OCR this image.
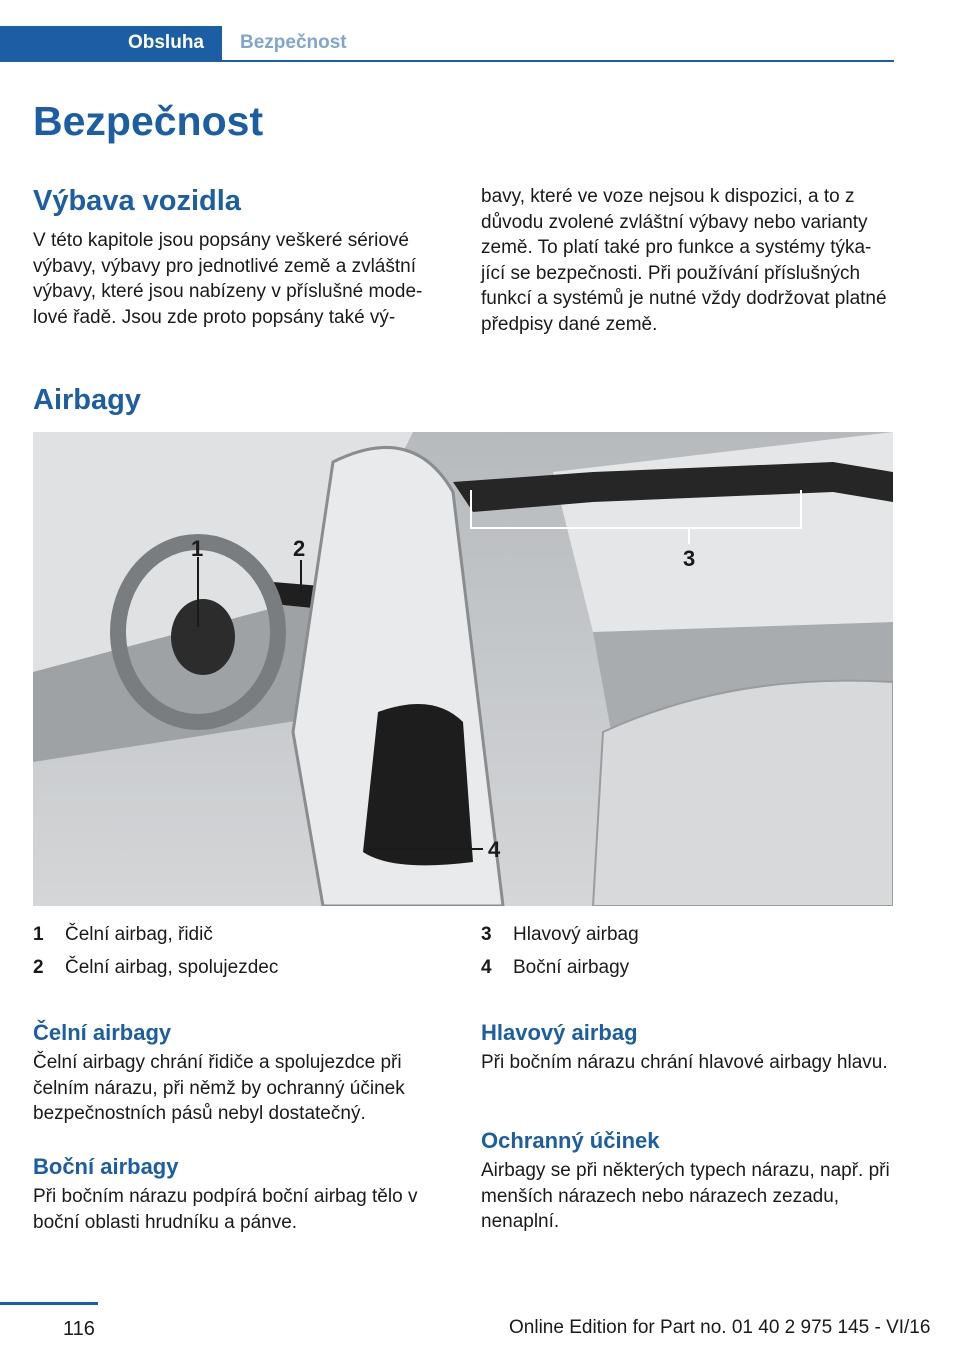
Obsluha	Bezpečnost
Bezpečnost
Výbava vozidla

V této kapitole jsou popsány veškeré sériové výbavy, výbavy pro jednotlivé země a zvláštní výbavy, které jsou nabízeny v příslušné mode‐lové řadě. Jsou zde proto popsány také vý‐

bavy, které ve voze nejsou k dispozici, a to z důvodu zvolené zvláštní výbavy nebo varianty země. To platí také pro funkce a systémy týka‐jící se bezpečnosti. Při používání příslušných funkcí a systémů je nutné vždy dodržovat platné předpisy dané země.

Airbagy
1	2	3
4
1	Čelní airbag, řidič
2	Čelní airbag, spolujezdec
3	Hlavový airbag
4	Boční airbagy
Čelní airbagy

Čelní airbagy chrání řidiče a spolujezdce při čelním nárazu, při němž by ochranný účinek bezpečnostních pásů nebyl dostatečný.

Boční airbagy

Při bočním nárazu podpírá boční airbag tělo v boční oblasti hrudníku a pánve.

Hlavový airbag

Při bočním nárazu chrání hlavové airbagy hlavu.

Ochranný účinek

Airbagy se při některých typech nárazu, např. při menších nárazech nebo nárazech zezadu, nenaplní.

116	Online Edition for Part no. 01 40 2 975 145 - VI/16
